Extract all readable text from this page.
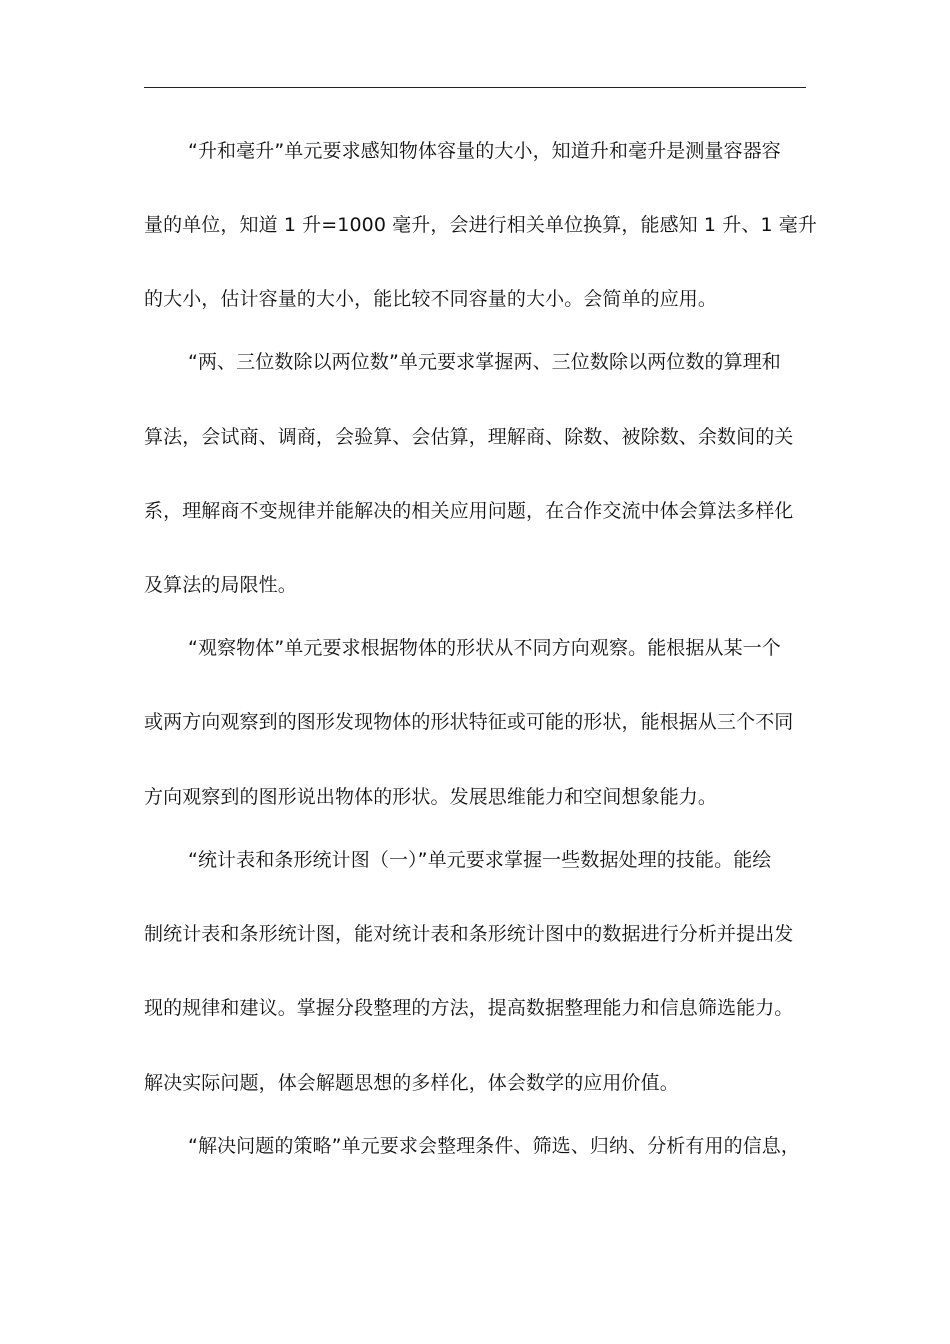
“升和毫升”单元要求感知物体容量的大小，知道升和毫升是测量容器容
量的单位，知道 1 升=1000 毫升，会进行相关单位换算，能感知 1 升、1 毫升
的大小，估计容量的大小，能比较不同容量的大小。会简单的应用。
“两、三位数除以两位数”单元要求掌握两、三位数除以两位数的算理和
算法，会试商、调商，会验算、会估算，理解商、除数、被除数、余数间的关
系，理解商不变规律并能解决的相关应用问题，在合作交流中体会算法多样化
及算法的局限性。
“观察物体”单元要求根据物体的形状从不同方向观察。能根据从某一个
或两方向观察到的图形发现物体的形状特征或可能的形状，能根据从三个不同
方向观察到的图形说出物体的形状。发展思维能力和空间想象能力。
“统计表和条形统计图（一）”单元要求掌握一些数据处理的技能。能绘
制统计表和条形统计图，能对统计表和条形统计图中的数据进行分析并提出发
现的规律和建议。掌握分段整理的方法，提高数据整理能力和信息筛选能力。
解决实际问题，体会解题思想的多样化，体会数学的应用价值。
“解决问题的策略”单元要求会整理条件、筛选、归纳、分析有用的信息，
